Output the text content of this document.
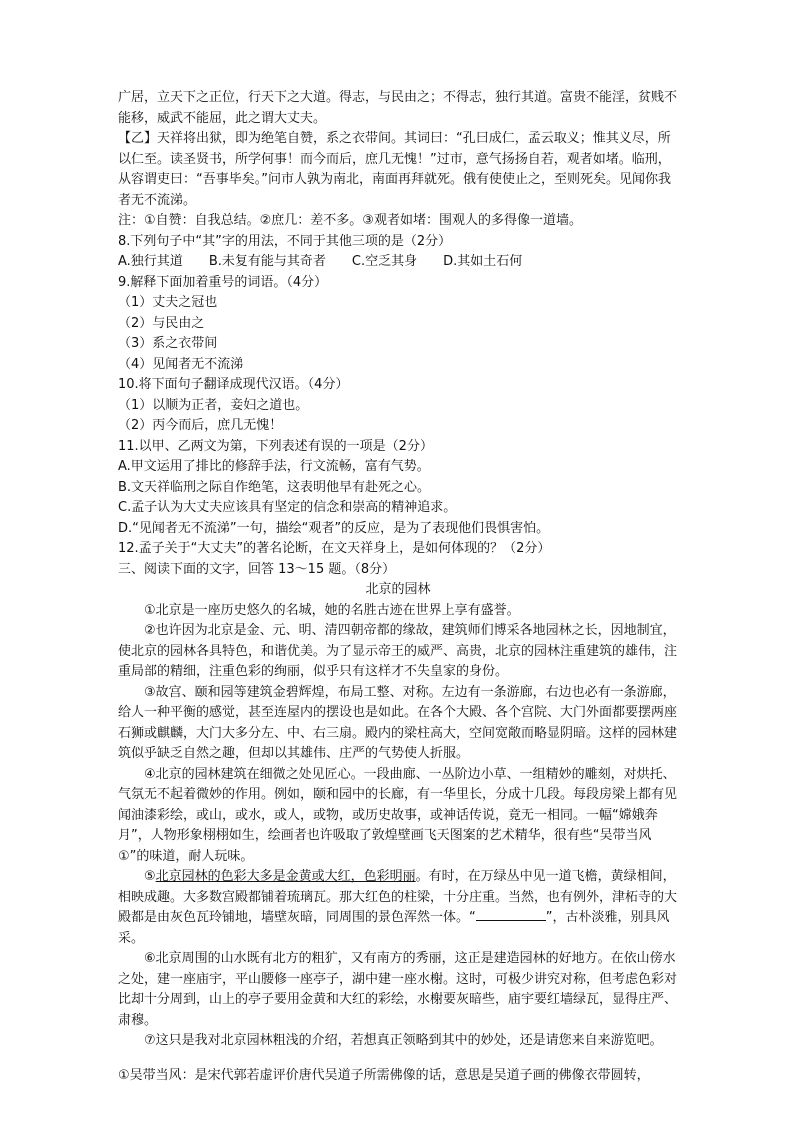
广居，立天下之正位，行天下之大道。得志，与民由之；不得志，独行其道。富贵不能淫，贫贱不能移，威武不能屈，此之谓大丈夫。

【乙】天祥将出狱，即为绝笔自赞，系之衣带间。其词曰：“孔曰成仁，孟云取义；惟其义尽，所以仁至。读圣贤书，所学何事！而今而后，庶几无愧！”过市，意气扬扬自若，观者如堵。临刑，从容谓吏曰：“吾事毕矣。”问市人孰为南北，南面再拜就死。俄有使使止之，至则死矣。见闻你我者无不流涕。

注：①自赞：自我总结。②庶几：差不多。③观者如堵：围观人的多得像一道墙。

8.下列句子中“其”字的用法，不同于其他三项的是（2分）

A.独行其道 B.未复有能与其奇者 C.空乏其身 D.其如土石何

9.解释下面加着重号的词语。（4分）

（1）丈夫之冠也

（2）与民由之

（3）系之衣带间

（4）见闻者无不流涕

10.将下面句子翻译成现代汉语。（4分）

（1）以顺为正者，妾妇之道也。

（2）丙今而后，庶几无愧！

11.以甲、乙两文为第，下列表述有误的一项是（2分）

A.甲文运用了排比的修辞手法，行文流畅，富有气势。

B.文天祥临刑之际自作绝笔，这表明他早有赴死之心。

C.孟子认为大丈夫应该具有坚定的信念和崇高的精神追求。

D.“见闻者无不流涕”一句，描绘“观者”的反应，是为了表现他们畏惧害怕。

12.孟子关于“大丈夫”的著名论断，在文天祥身上，是如何体现的？（2分）

三、阅读下面的文字，回答 13～15 题。（8分）

北京的园林

①北京是一座历史悠久的名城，她的名胜古迹在世界上享有盛誉。

②也许因为北京是金、元、明、清四朝帝都的缘故，建筑师们博采各地园林之长，因地制宜，使北京的园林各具特色，和谐优美。为了显示帝王的威严、高贵，北京的园林注重建筑的雄伟，注重局部的精细，注重色彩的绚丽，似乎只有这样才不失皇家的身份。

③故宫、颐和园等建筑金碧辉煌，布局工整、对称。左边有一条游廊，右边也必有一条游廊，给人一种平衡的感觉，甚至连屋内的摆设也是如此。在各个大殿、各个宫院、大门外面都要摆两座石狮或麒麟，大门大多分左、中、右三扇。殿内的梁柱高大，空间宽敞而略显阴暗。这样的园林建筑似乎缺乏自然之趣，但却以其雄伟、庄严的气势使人折服。

④北京的园林建筑在细微之处见匠心。一段曲廊、一丛阶边小草、一组精妙的雕刻，对烘托、气氛无不起着微妙的作用。例如，颐和园中的长廊，有一华里长，分成十几段。每段房梁上都有见闻油漆彩绘，或山，或水，或人，或物，或历史故事，或神话传说，竟无一相同。一幅“嫦娥奔月”，人物形象栩栩如生，绘画者也许吸取了敦煌壁画飞天图案的艺术精华，很有些“吴带当风①”的味道，耐人玩味。

⑤北京园林的色彩大多是金黄或大红，色彩明丽。有时，在万绿丛中见一道飞檐，黄绿相间，相映成趣。大多数宫殿都铺着琉璃瓦。那大红色的柱梁，十分庄重。当然，也有例外，津柘寺的大殿都是由灰色瓦玲铺地，墙壁灰暗，同周围的景色浑然一体。“	”，古朴淡雅，别具风采。

⑥北京周围的山水既有北方的粗犷，又有南方的秀丽，这正是建造园林的好地方。在依山傍水之处，建一座庙宇，平山腰修一座亭子，湖中建一座水榭。这时，可极少讲究对称，但考虑色彩对比却十分周到，山上的亭子要用金黄和大红的彩绘，水榭要灰暗些，庙宇要红墙绿瓦，显得庄严、肃穆。

⑦这只是我对北京园林粗浅的介绍，若想真正领略到其中的妙处，还是请您来自来游览吧。

①吴带当风：是宋代郭若虚评价唐代吴道子所需佛像的话，意思是吴道子画的佛像衣带圆转，
